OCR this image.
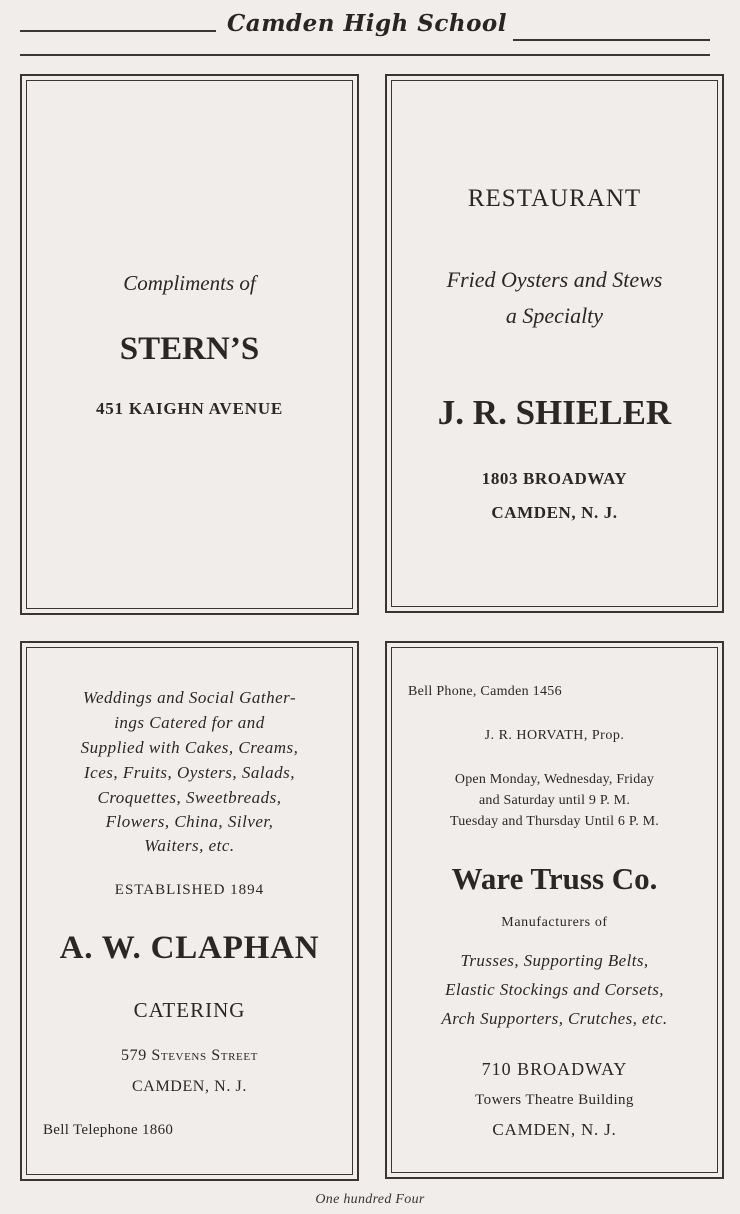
Camden High School
Compliments of
STERN’S
451 KAIGHN AVENUE
RESTAURANT
Fried Oysters and Stews
a Specialty
J. R. SHIELER
1803 BROADWAY
CAMDEN, N. J.
Weddings and Social Gather-
ings Catered for and
Supplied with Cakes, Creams,
Ices, Fruits, Oysters, Salads,
Croquettes, Sweetbreads,
Flowers, China, Silver,
Waiters, etc.
ESTABLISHED 1894
A. W. CLAPHAN
CATERING
579 Stevens Street
CAMDEN, N. J.
Bell Telephone 1860
Bell Phone, Camden 1456
J. R. HORVATH, Prop.
Open Monday, Wednesday, Friday
and Saturday until 9 P. M.
Tuesday and Thursday Until 6 P. M.
Ware Truss Co.
Manufacturers of
Trusses, Supporting Belts,
Elastic Stockings and Corsets,
Arch Supporters, Crutches, etc.
710 BROADWAY
Towers Theatre Building
CAMDEN, N. J.
One hundred Four
